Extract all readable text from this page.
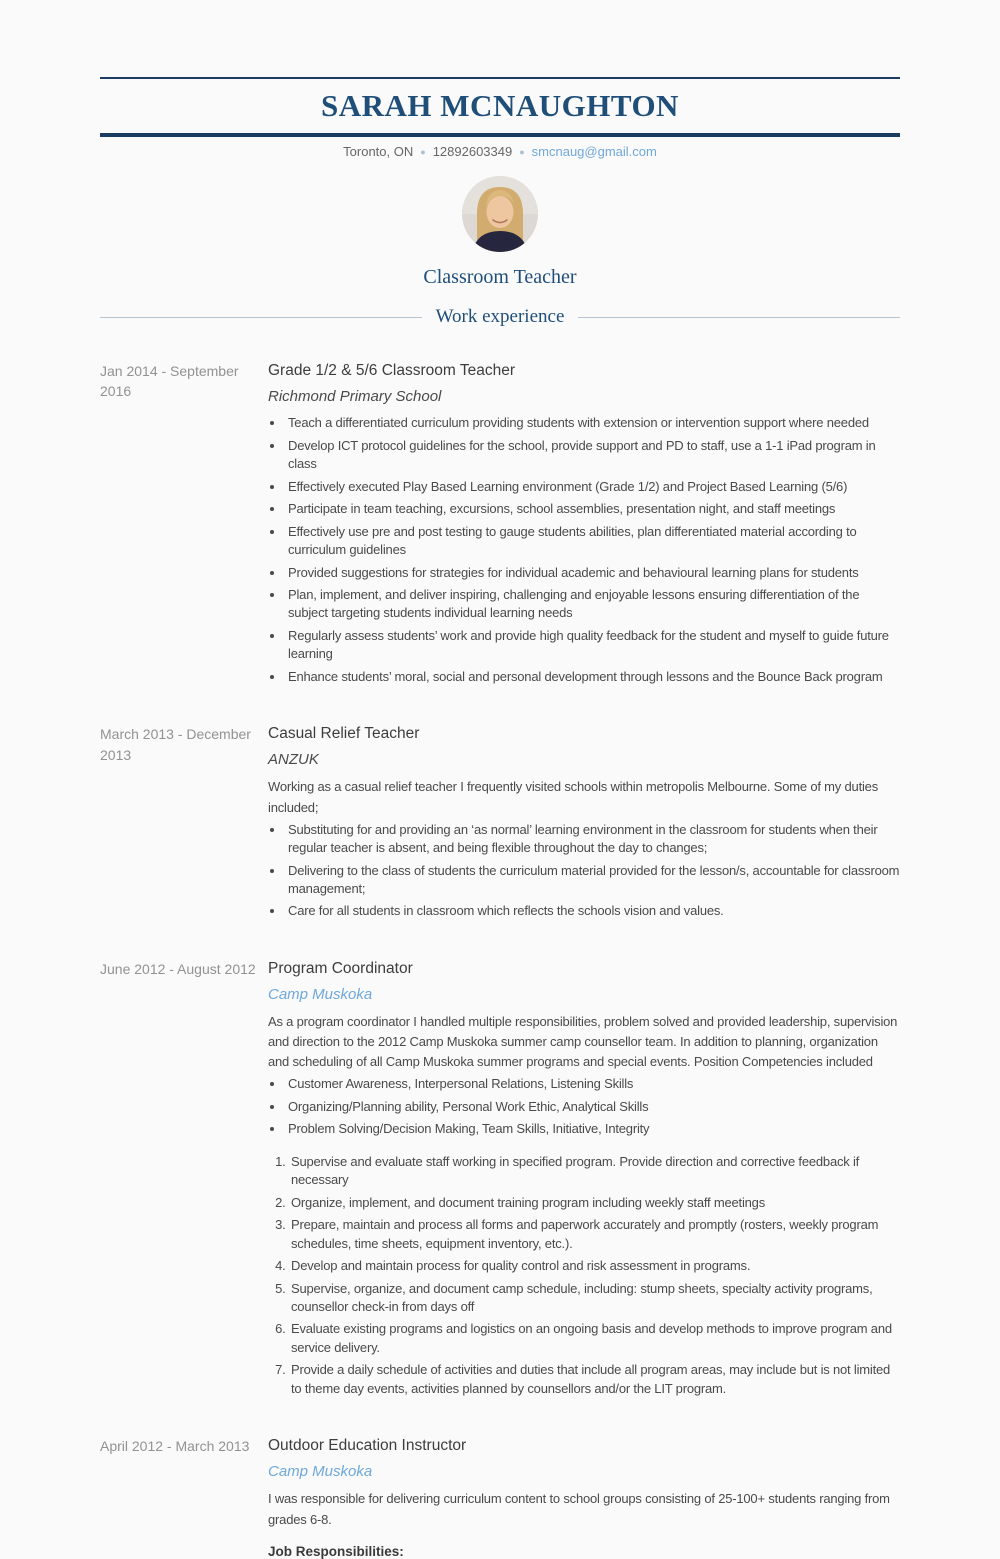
SARAH MCNAUGHTON
Toronto, ON ● 12892603349 ● smcnaug@gmail.com
Classroom Teacher
Work experience
Jan 2014 - September 2016
Grade 1/2 & 5/6 Classroom Teacher
Richmond Primary School
• Teach a differentiated curriculum providing students with extension or intervention support where needed
• Develop ICT protocol guidelines for the school, provide support and PD to staff, use a 1-1 iPad program in class
• Effectively executed Play Based Learning environment (Grade 1/2) and Project Based Learning (5/6)
• Participate in team teaching, excursions, school assemblies, presentation night, and staff meetings
• Effectively use pre and post testing to gauge students abilities, plan differentiated material according to curriculum guidelines
• Provided suggestions for strategies for individual academic and behavioural learning plans for students
• Plan, implement, and deliver inspiring, challenging and enjoyable lessons ensuring differentiation of the subject targeting students individual learning needs
• Regularly assess students’ work and provide high quality feedback for the student and myself to guide future learning
• Enhance students’ moral, social and personal development through lessons and the Bounce Back program
March 2013 - December 2013
Casual Relief Teacher
ANZUK

Working as a casual relief teacher I frequently visited schools within metropolis Melbourne. Some of my duties included;

• Substituting for and providing an ‘as normal’ learning environment in the classroom for students when their regular teacher is absent, and being flexible throughout the day to changes;
• Delivering to the class of students the curriculum material provided for the lesson/s, accountable for classroom management;
• Care for all students in classroom which reflects the schools vision and values.
June 2012 - August 2012 Program Coordinator
Camp Muskoka

As a program coordinator I handled multiple responsibilities, problem solved and provided leadership, supervision and direction to the 2012 Camp Muskoka summer camp counsellor team. In addition to planning, organization and scheduling of all Camp Muskoka summer programs and special events. Position Competencies included

• Customer Awareness, Interpersonal Relations, Listening Skills
• Organizing/Planning ability, Personal Work Ethic, Analytical Skills
• Problem Solving/Decision Making, Team Skills, Initiative, Integrity
1. Supervise and evaluate staff working in specified program. Provide direction and corrective feedback if necessary
2. Organize, implement, and document training program including weekly staff meetings
3. Prepare, maintain and process all forms and paperwork accurately and promptly (rosters, weekly program schedules, time sheets, equipment inventory, etc.).
4. Develop and maintain process for quality control and risk assessment in programs.
5. Supervise, organize, and document camp schedule, including: stump sheets, specialty activity programs, counsellor check-in from days off
6. Evaluate existing programs and logistics on an ongoing basis and develop methods to improve program and service delivery.
7. Provide a daily schedule of activities and duties that include all program areas, may include but is not limited to theme day events, activities planned by counsellors and/or the LIT program.
April 2012 - March 2013	Outdoor Education Instructor
Camp Muskoka

I was responsible for delivering curriculum content to school groups consisting of 25-100+ students ranging from grades 6-8.

Job Responsibilities:
